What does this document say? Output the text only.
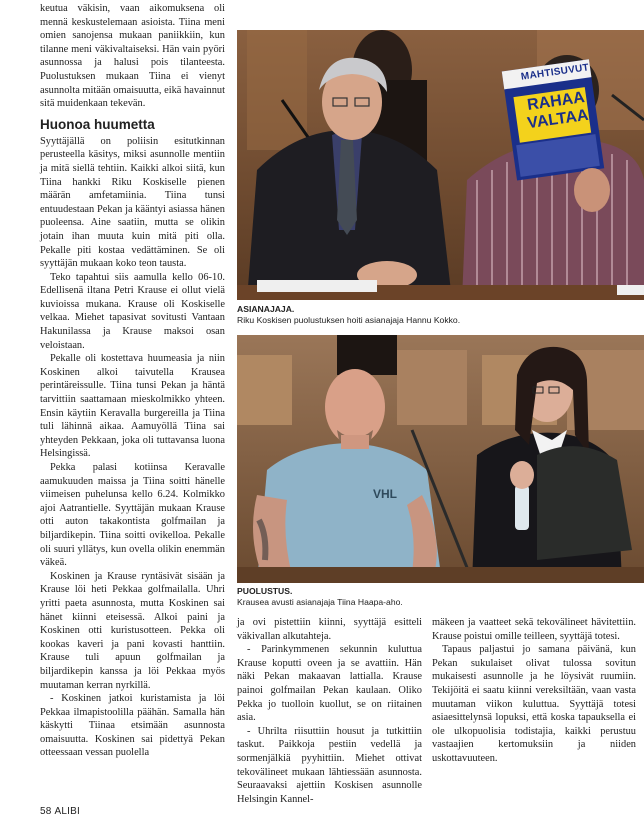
keutua väkisin, vaan aikomuksena oli mennä keskustelemaan asioista. Tiina meni omien sanojensa mukaan paniikkiin, kun tilanne meni väkivaltaiseksi. Hän vain pyöri asunnossa ja halusi pois tilanteesta. Puolustuksen mukaan Tiina ei vienyt asunnolta mitään omaisuutta, eikä havainnut sitä muidenkaan tekevän.

Huonoa huumetta

Syyttäjällä on poliisin esitutkinnan perusteella käsitys, miksi asunnolle mentiin ja mitä siellä tehtiin. Kaikki alkoi siitä, kun Tiina hankki Riku Koskiselle pienen määrän amfetamiinia. Tiina tunsi entuudestaan Pekan ja kääntyi asiassa hänen puoleensa. Aine saatiin, mutta se olikin jotain ihan muuta kuin mitä piti olla. Pekalle piti kostaa vedättäminen. Se oli syyttäjän mukaan koko teon tausta.

Teko tapahtui siis aamulla kello 06-10. Edellisenä iltana Petri Krause ei ollut vielä kuvioissa mukana. Krause oli Koskiselle velkaa. Miehet tapasivat sovitusti Vantaan Hakunilassa ja Krause maksoi osan veloistaan.

Pekalle oli kostettava huumeasia ja niin Koskinen alkoi taivutella Krausea perintäreissulle. Tiina tunsi Pekan ja häntä tarvittiin saattamaan mieskolmikko yhteen. Ensin käytiin Keravalla burgereilla ja Tiina tuli lähinnä aikaa. Aamuyöllä Tiina sai yhteyden Pekkaan, joka oli tuttavansa luona Helsingissä.

Pekka palasi kotiinsa Keravalle aamukuuden maissa ja Tiina soitti hänelle viimeisen puhelunsa kello 6.24. Kolmikko ajoi Aatrantielle. Syyttäjän mukaan Krause otti auton takakontista golfmailan ja biljardikepin. Tiina soitti ovikelloa. Pekalle oli suuri yllätys, kun ovella olikin enemmän väkeä.

Koskinen ja Krause ryntäsivät sisään ja Krause löi heti Pekkaa golfmailalla. Uhri yritti paeta asunnosta, mutta Koskinen sai hänet kiinni eteisessä. Alkoi paini ja Koskinen otti kuristusotteen. Pekka oli kookas kaveri ja pani kovasti hanttiin. Krause tuli apuun golfmailan ja biljardikepin kanssa ja löi Pekkaa myös muutaman kerran nyrkillä.

- Koskinen jatkoi kuristamista ja löi Pekkaa ilmapistoolilla päähän. Samalla hän käskytti Tiinaa etsimään asunnosta omaisuutta. Koskinen sai pidettyä Pekan otteessaan vessan puolella

MAHTISUVUT
RAHAA
VALTAA
ASIANAJAJA.
Riku Koskisen puolustuksen hoiti asianajaja Hannu Kokko.
VHL
PUOLUSTUS.
Krausea avusti asianajaja Tiina Haapa-aho.

ja ovi pistettiin kiinni, syyttäjä esitteli väkivallan alkutahteja.

- Parinkymmenen sekunnin kuluttua Krause koputti oveen ja se avattiin. Hän näki Pekan makaavan lattialla. Krause painoi golfmailan Pekan kaulaan. Oliko Pekka jo tuolloin kuollut, se on riitainen asia.

- Uhrilta riisuttiin housut ja tutkittiin taskut. Paikkoja pestiin vedellä ja sormenjälkiä pyyhittiin. Miehet ottivat tekovälineet mukaan lähtiessään asunnosta. Seuraavaksi ajettiin Koskisen asunnolle Helsingin Kannel-

mäkeen ja vaatteet sekä tekovälineet hävitettiin. Krause poistui omille teilleen, syyttäjä totesi.

Tapaus paljastui jo samana päivänä, kun Pekan sukulaiset olivat tulossa sovitun mukaisesti asunnolle ja he löysivät ruumiin. Tekijöitä ei saatu kiinni vereksiltään, vaan vasta muutaman viikon kuluttua. Syyttäjä totesi asiaesittelynsä lopuksi, että koska tapauksella ei ole ulkopuolisia todistajia, kaikki perustuu vastaajien kertomuksiin ja niiden uskottavuuteen.

58 ALIBI
